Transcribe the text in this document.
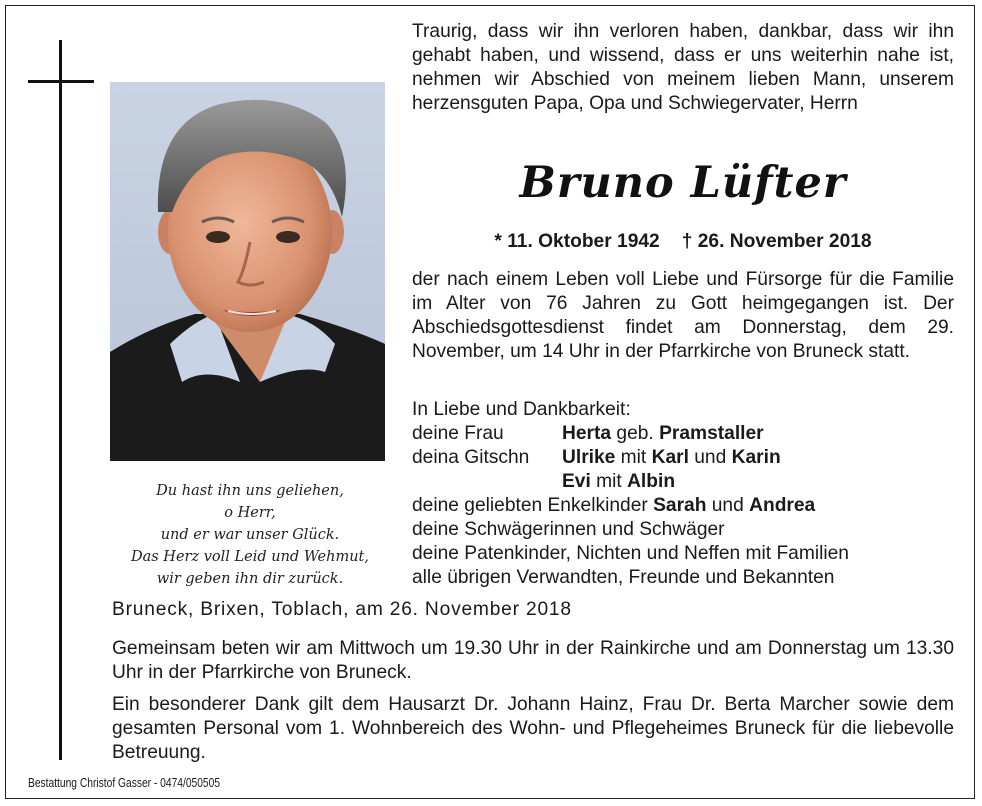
Du hast ihn uns geliehen,
o Herr,
und er war unser Glück.
Das Herz voll Leid und Wehmut,
wir geben ihn dir zurück.
Traurig, dass wir ihn verloren haben, dankbar, dass wir ihn gehabt haben, und wissend, dass er uns weiterhin nahe ist, nehmen wir Abschied von meinem lieben Mann, unserem herzensguten Papa, Opa und Schwiegervater, Herrn
Bruno Lüfter
* 11. Oktober 1942 † 26. November 2018
der nach einem Leben voll Liebe und Fürsorge für die Familie im Alter von 76 Jahren zu Gott heimgegangen ist. Der Abschiedsgottesdienst findet am Donnerstag, dem 29. November, um 14 Uhr in der Pfarrkirche von Bruneck statt.
In Liebe und Dankbarkeit:
deine Frau	Herta geb. Pramstaller
deina Gitschn Ulrike mit Karl und Karin
Evi mit Albin
deine geliebten Enkelkinder Sarah und Andrea
deine Schwägerinnen und Schwäger
deine Patenkinder, Nichten und Neffen mit Familien
alle übrigen Verwandten, Freunde und Bekannten
Bruneck, Brixen, Toblach, am 26. November 2018
Gemeinsam beten wir am Mittwoch um 19.30 Uhr in der Rainkirche und am Donnerstag um 13.30 Uhr in der Pfarrkirche von Bruneck.
Ein besonderer Dank gilt dem Hausarzt Dr. Johann Hainz, Frau Dr. Berta Marcher sowie dem gesamten Personal vom 1. Wohnbereich des Wohn- und Pflegeheimes Bruneck für die liebevolle Betreuung.
Bestattung Christof Gasser - 0474/050505
